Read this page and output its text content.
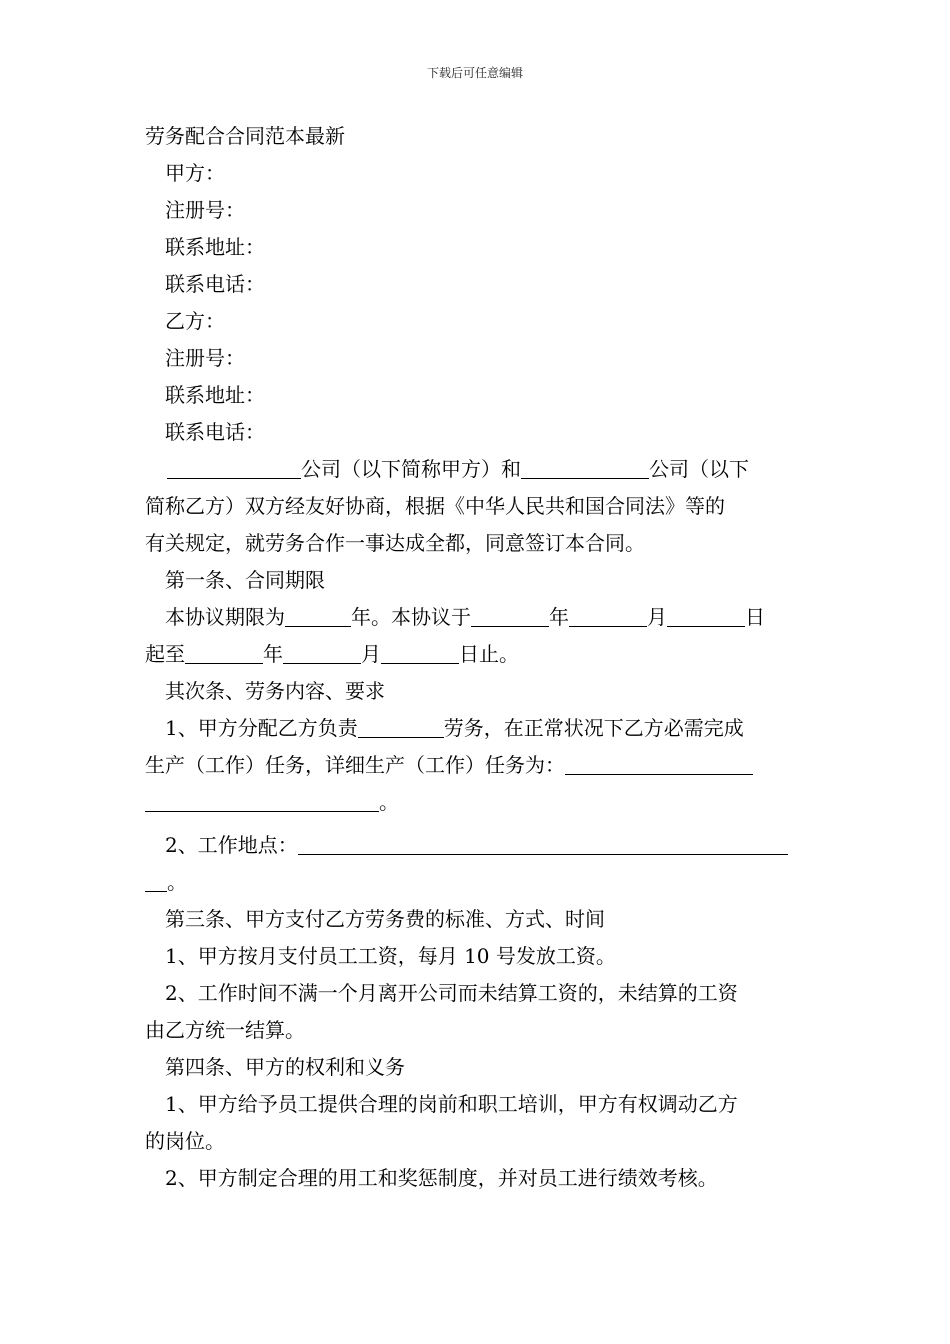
下载后可任意编辑
劳务配合合同范本最新
甲方：
注册号：
联系地址：
联系电话：
乙方：
注册号：
联系地址：
联系电话：
公司（以下简称甲方）和	公司（以下
简称乙方）双方经友好协商，根据《中华人民共和国合同法》等的
有关规定，就劳务合作一事达成全都，同意签订本合同。
第一条、合同期限
本协议期限为	年。本协议于	年	月	日
起至	年	月	日止。
其次条、劳务内容、要求
1、甲方分配乙方负责	劳务，在正常状况下乙方必需完成
生产（工作）任务，详细生产（工作）任务为：
。
2、工作地点：
。
第三条、甲方支付乙方劳务费的标准、方式、时间
1、甲方按月支付员工工资，每月 10 号发放工资。
2、工作时间不满一个月离开公司而未结算工资的，未结算的工资
由乙方统一结算。
第四条、甲方的权利和义务
1、甲方给予员工提供合理的岗前和职工培训，甲方有权调动乙方
的岗位。
2、甲方制定合理的用工和奖惩制度，并对员工进行绩效考核。
